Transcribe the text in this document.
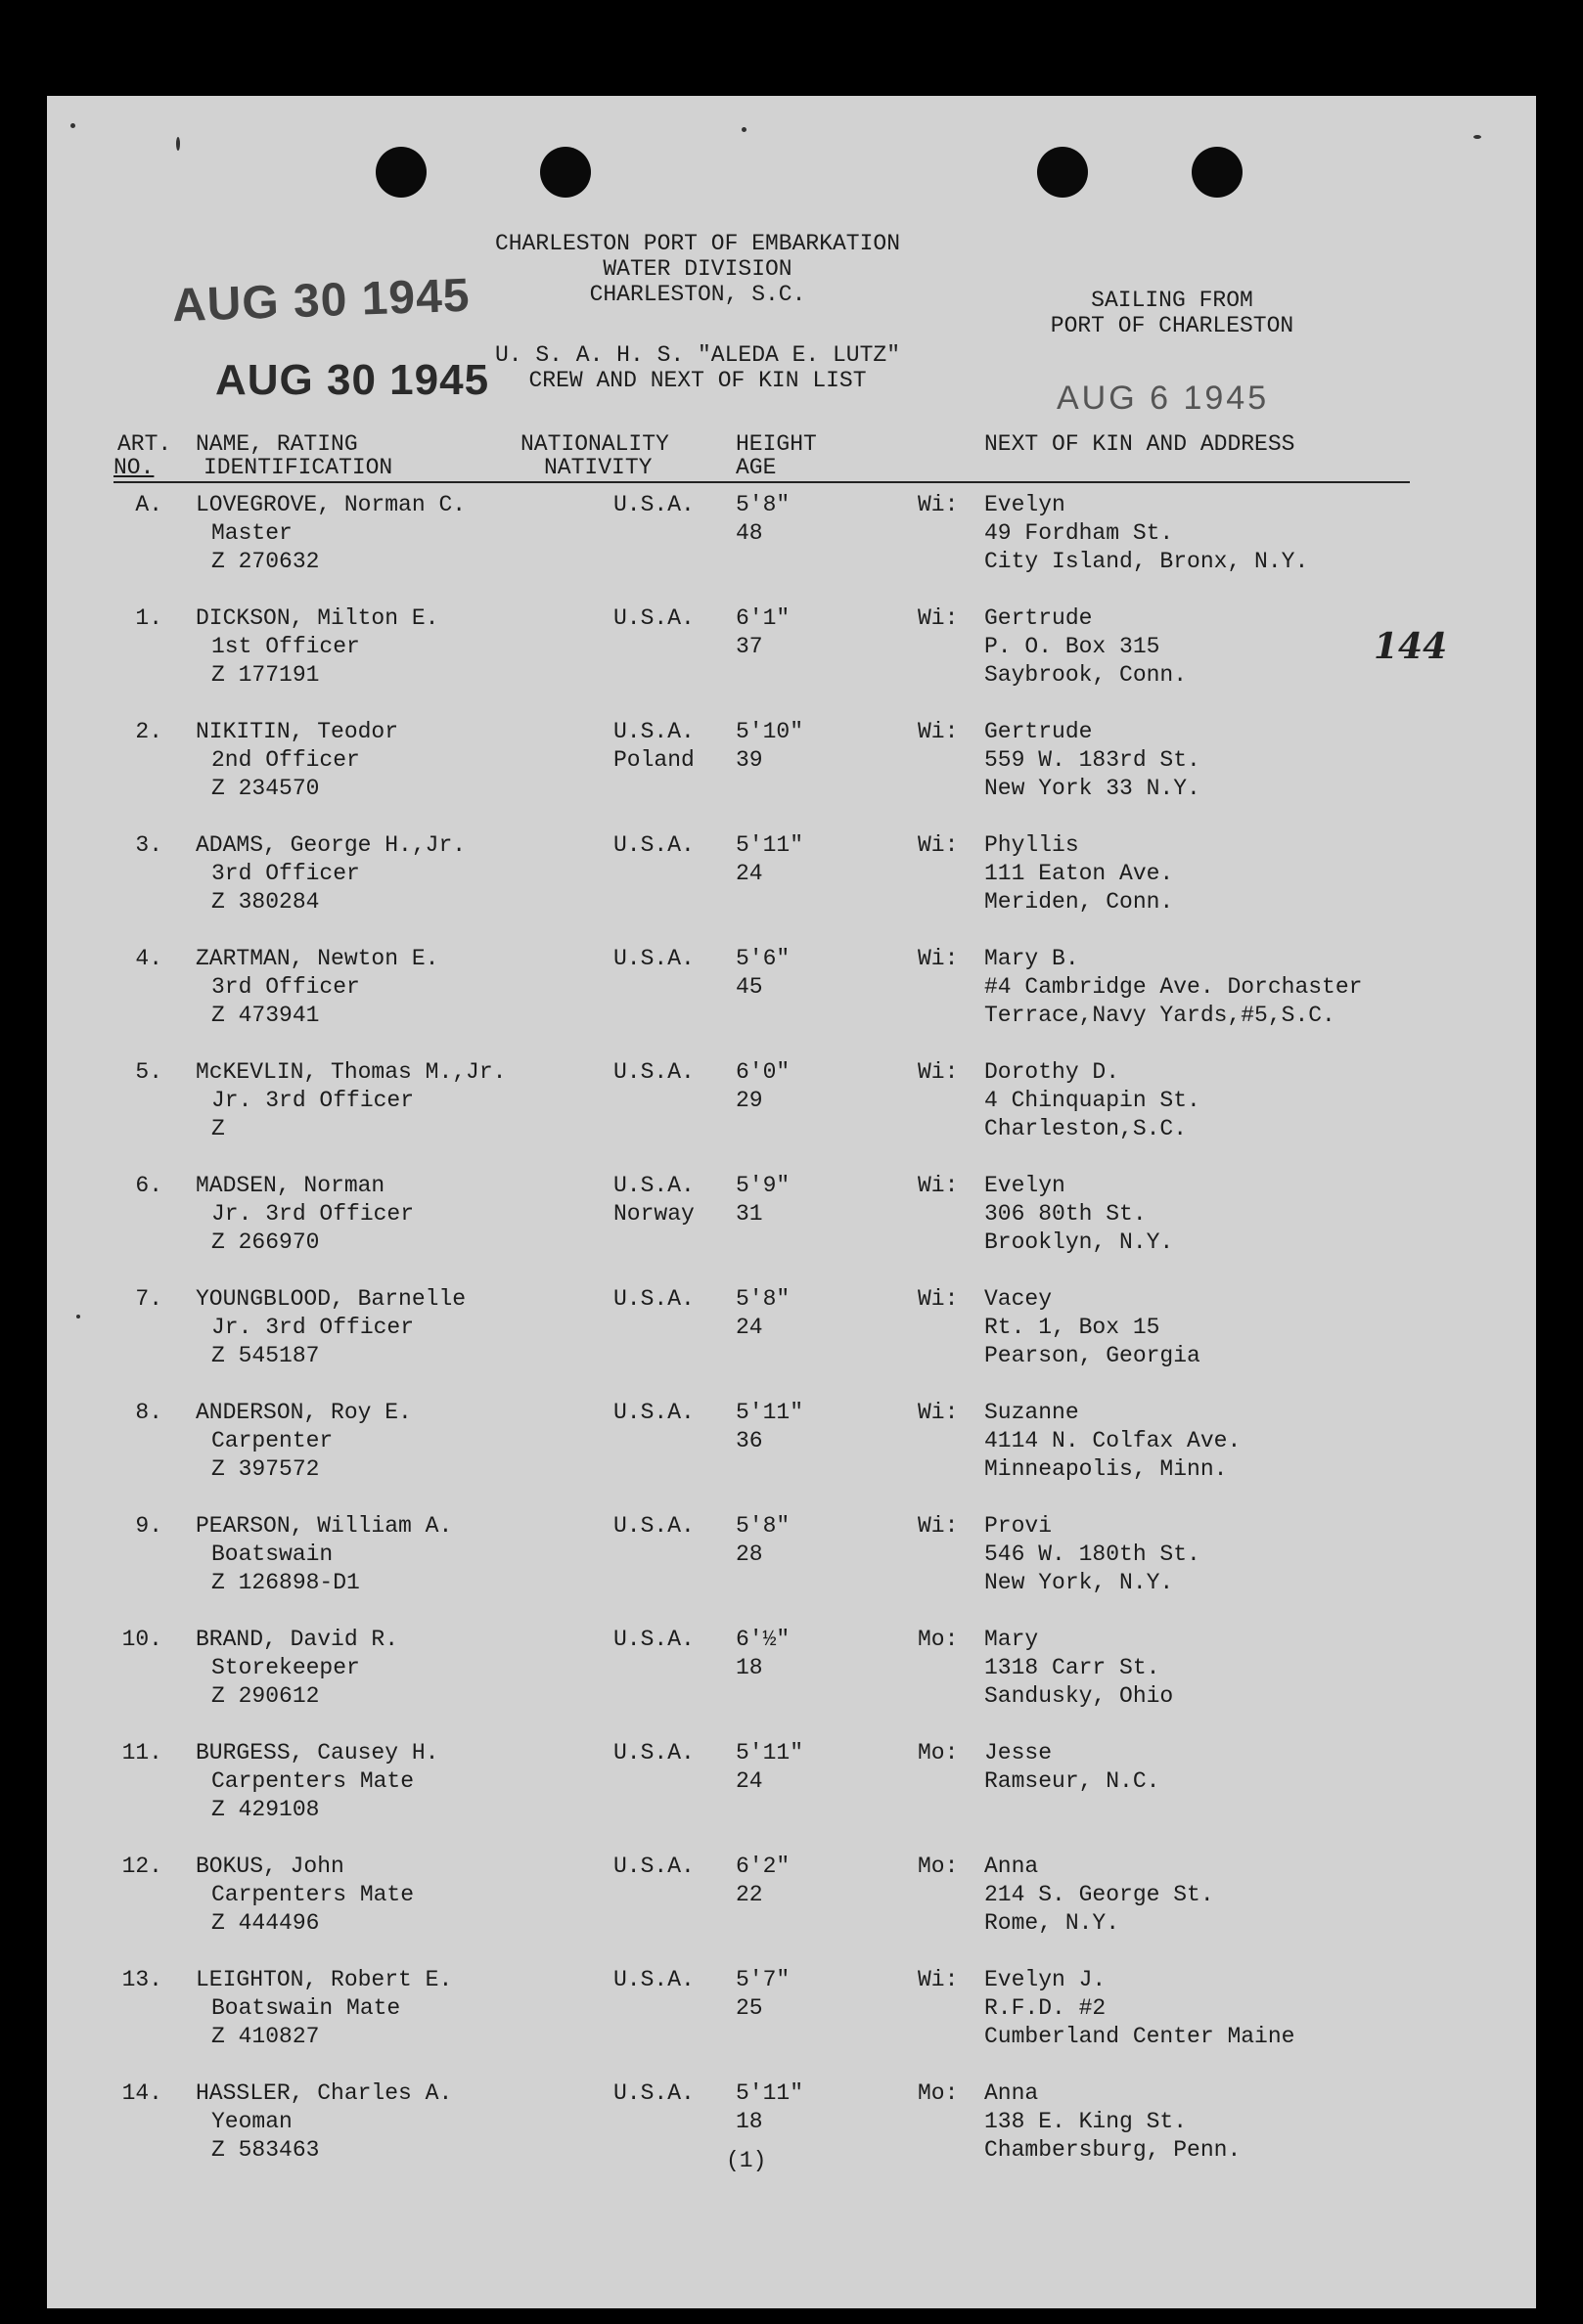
CHARLESTON PORT OF EMBARKATION
WATER DIVISION
CHARLESTON, S.C.
U. S. A. H. S. "ALEDA E. LUTZ"
CREW AND NEXT OF KIN LIST
SAILING FROM
PORT OF CHARLESTON
AUG 30 1945
AUG 30 1945	AUG 6 1945
144
ART.
NO.
NAME, RATING
IDENTIFICATION
NATIONALITY
NATIVITY
HEIGHT
AGE
NEXT OF KIN AND ADDRESS
A. LOVEGROVE, Norman C.
Master
Z 270632
U.S.A. 5'8"
48
Wi: Evelyn
49 Fordham St.
City Island, Bronx, N.Y.
1. DICKSON, Milton E.
1st Officer
Z 177191
U.S.A. 6'1"
37
Wi: Gertrude
P. O. Box 315
Saybrook, Conn.
2. NIKITIN, Teodor
2nd Officer
Z 234570
U.S.A.
Poland
5'10"
39
Wi: Gertrude
559 W. 183rd St.
New York 33 N.Y.
3. ADAMS, George H.,Jr.
3rd Officer
Z 380284
U.S.A. 5'11"
24
Wi: Phyllis
111 Eaton Ave.
Meriden, Conn.
4. ZARTMAN, Newton E.
3rd Officer
Z 473941
U.S.A. 5'6"
45
Wi: Mary B.
#4 Cambridge Ave. Dorchaster
Terrace,Navy Yards,#5,S.C.
5. McKEVLIN, Thomas M.,Jr.
Jr. 3rd Officer
Z
U.S.A. 6'0"
29
Wi: Dorothy D.
4 Chinquapin St.
Charleston,S.C.
6. MADSEN, Norman
Jr. 3rd Officer
Z 266970
U.S.A.
Norway
5'9"
31
Wi: Evelyn
306 80th St.
Brooklyn, N.Y.
7. YOUNGBLOOD, Barnelle
Jr. 3rd Officer
Z 545187
U.S.A. 5'8"
24
Wi: Vacey
Rt. 1, Box 15
Pearson, Georgia
8. ANDERSON, Roy E.
Carpenter
Z 397572
U.S.A. 5'11"
36
Wi: Suzanne
4114 N. Colfax Ave.
Minneapolis, Minn.
9. PEARSON, William A.
Boatswain
Z 126898-D1
U.S.A. 5'8"
28
Wi: Provi
546 W. 180th St.
New York, N.Y.
10. BRAND, David R.
Storekeeper
Z 290612
U.S.A. 6'½"
18
Mo: Mary
1318 Carr St.
Sandusky, Ohio
11. BURGESS, Causey H.
Carpenters Mate
Z 429108
U.S.A. 5'11"
24
Mo: Jesse
Ramseur, N.C.
12. BOKUS, John
Carpenters Mate
Z 444496
U.S.A. 6'2"
22
Mo: Anna
214 S. George St.
Rome, N.Y.
13. LEIGHTON, Robert E.
Boatswain Mate
Z 410827
U.S.A. 5'7"
25
Wi: Evelyn J.
R.F.D. #2
Cumberland Center Maine
14. HASSLER, Charles A.
Yeoman
Z 583463
U.S.A. 5'11"
18
Mo: Anna
138 E. King St.
Chambersburg, Penn.
(1)
